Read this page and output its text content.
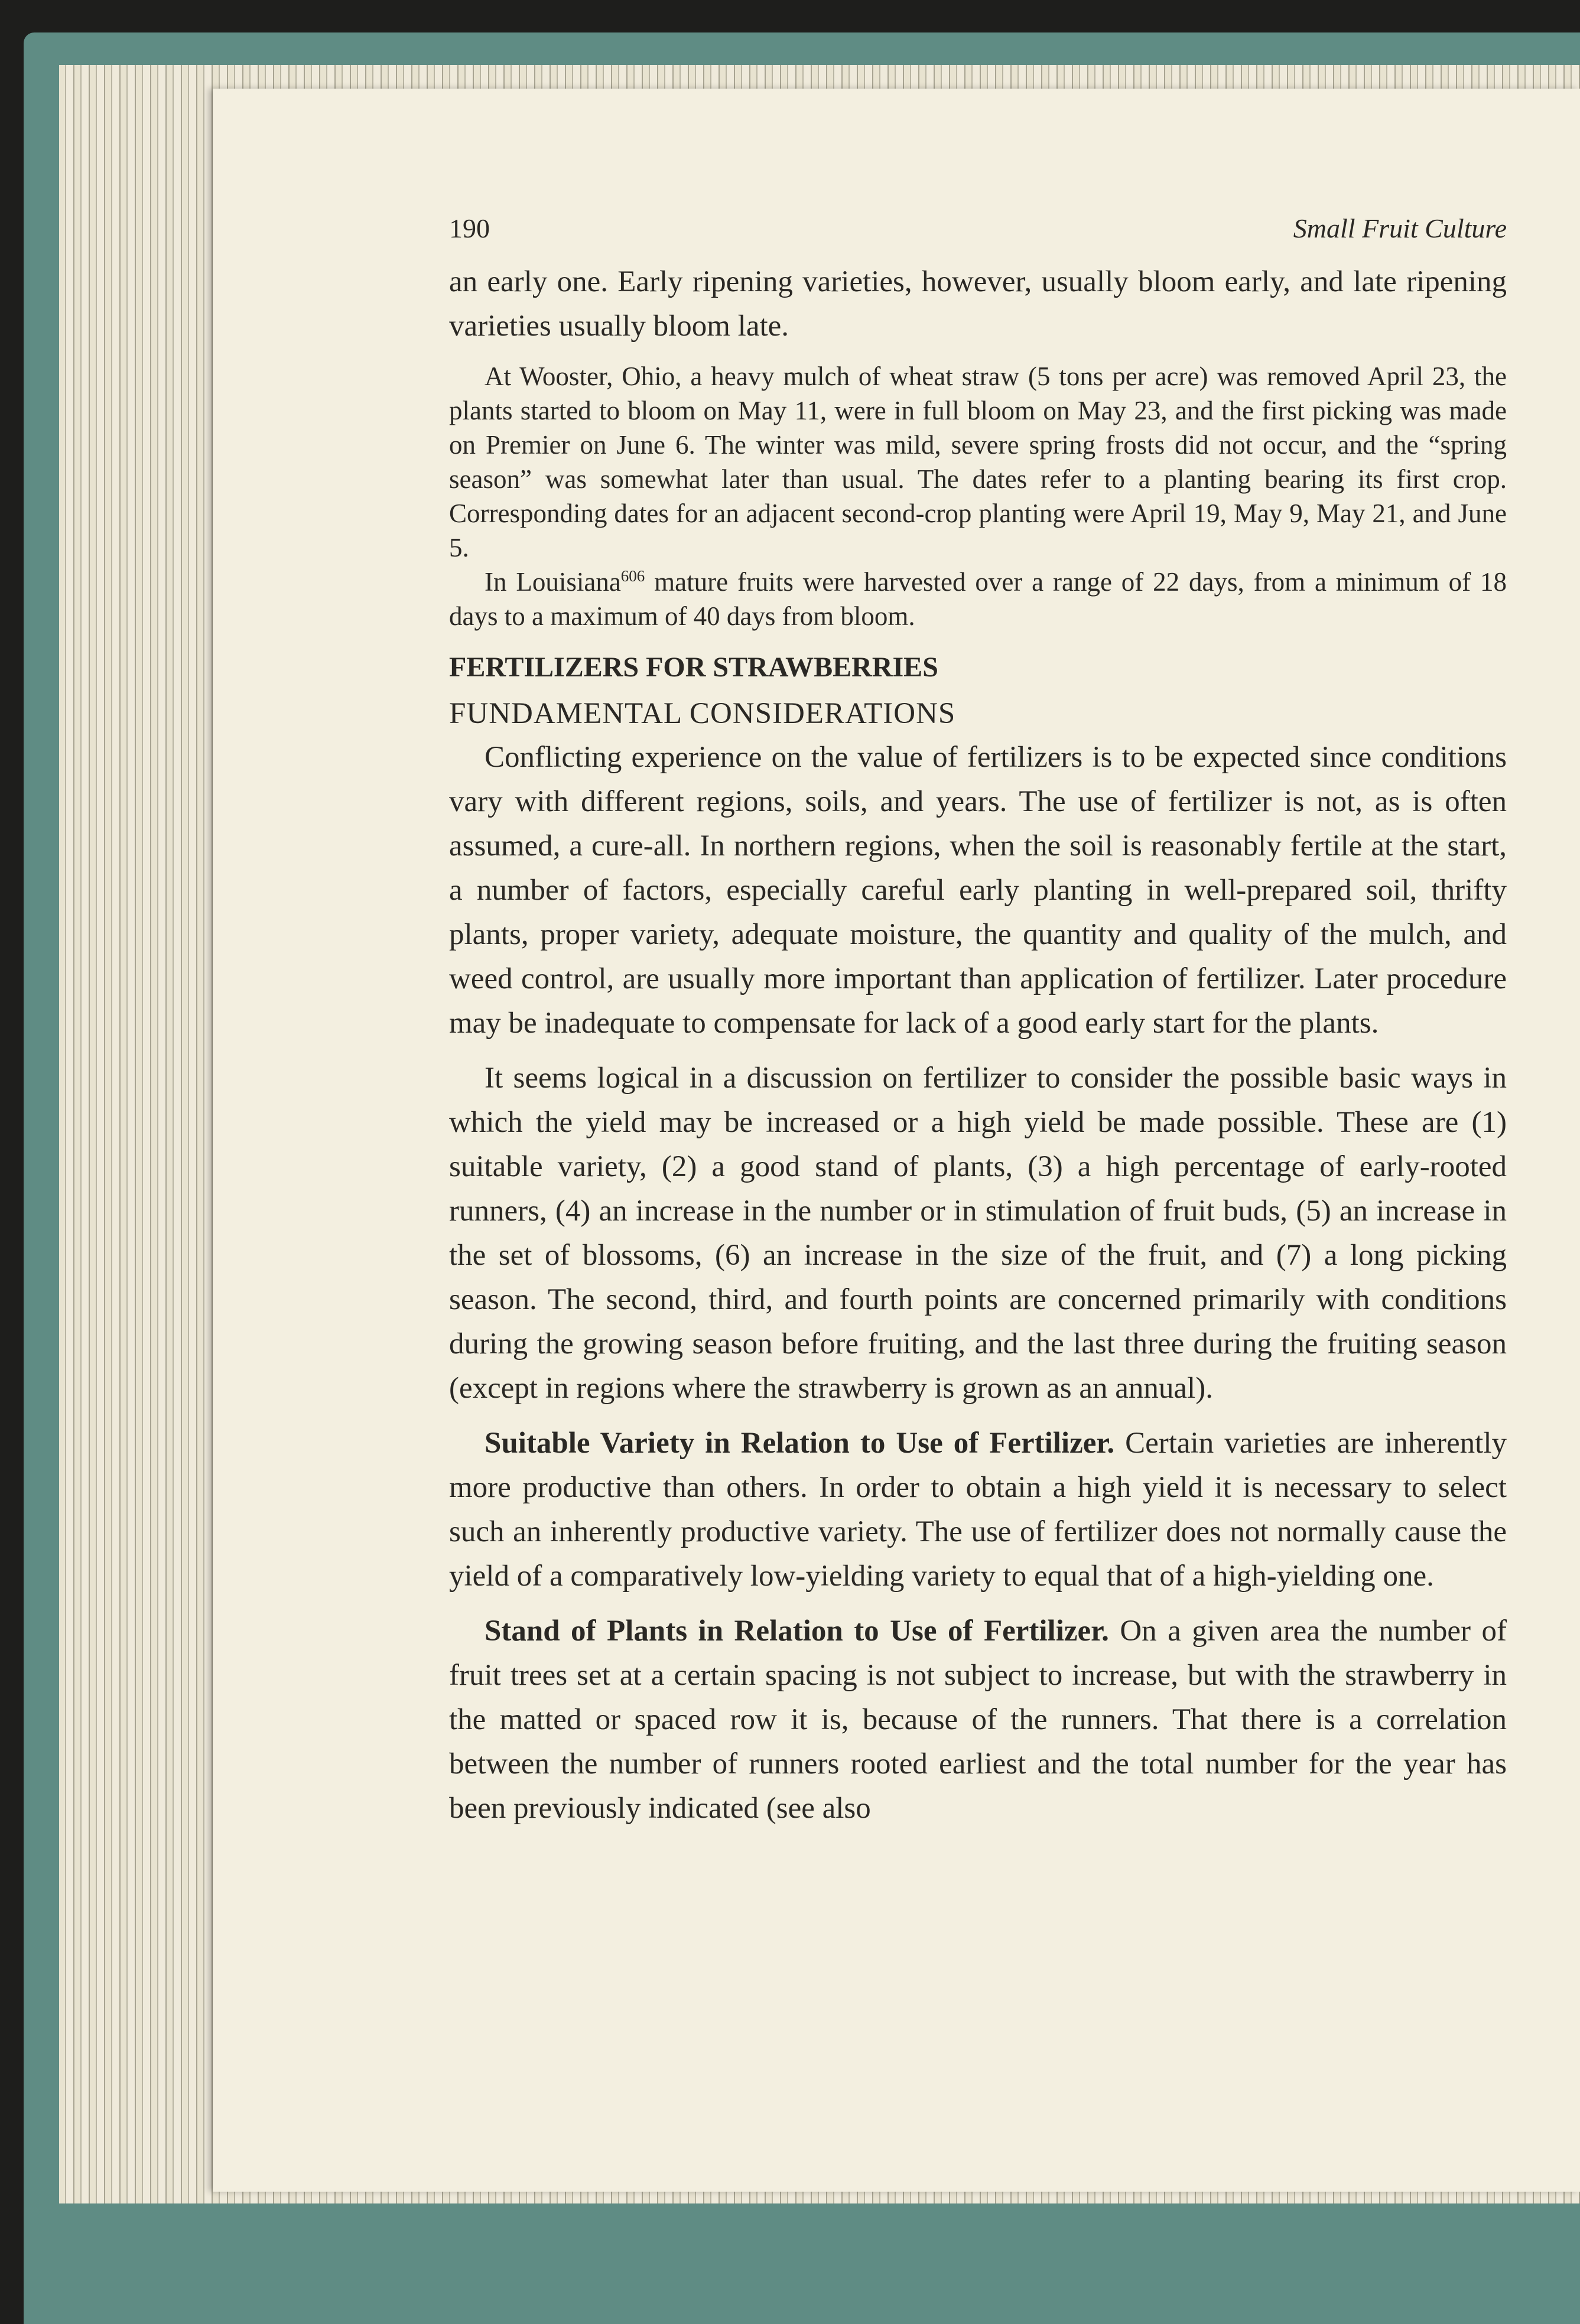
190	Small Fruit Culture

an early one. Early ripening varieties, however, usually bloom early, and late ripening varieties usually bloom late.

At Wooster, Ohio, a heavy mulch of wheat straw (5 tons per acre) was removed April 23, the plants started to bloom on May 11, were in full bloom on May 23, and the first picking was made on Premier on June 6. The winter was mild, severe spring frosts did not occur, and the “spring season” was somewhat later than usual. The dates refer to a planting bearing its first crop. Corresponding dates for an adjacent second-crop planting were April 19, May 9, May 21, and June 5.

In Louisiana$^{606}$ mature fruits were harvested over a range of 22 days, from a minimum of 18 days to a maximum of 40 days from bloom.

FERTILIZERS FOR STRAWBERRIES
FUNDAMENTAL CONSIDERATIONS

Conflicting experience on the value of fertilizers is to be expected since conditions vary with different regions, soils, and years. The use of fertilizer is not, as is often assumed, a cure-all. In northern regions, when the soil is reasonably fertile at the start, a number of factors, especially careful early planting in well-prepared soil, thrifty plants, proper variety, adequate moisture, the quantity and quality of the mulch, and weed control, are usually more important than application of fertilizer. Later procedure may be inadequate to compensate for lack of a good early start for the plants.

It seems logical in a discussion on fertilizer to consider the possible basic ways in which the yield may be increased or a high yield be made possible. These are (1) suitable variety, (2) a good stand of plants, (3) a high percentage of early-rooted runners, (4) an increase in the number or in stimulation of fruit buds, (5) an increase in the set of blossoms, (6) an increase in the size of the fruit, and (7) a long picking season. The second, third, and fourth points are concerned primarily with conditions during the growing season before fruiting, and the last three during the fruiting season (except in regions where the strawberry is grown as an annual).

Suitable Variety in Relation to Use of Fertilizer. Certain varieties are inherently more productive than others. In order to obtain a high yield it is necessary to select such an inherently productive variety. The use of fertilizer does not normally cause the yield of a comparatively low-yielding variety to equal that of a high-yielding one.

Stand of Plants in Relation to Use of Fertilizer. On a given area the number of fruit trees set at a certain spacing is not subject to increase, but with the strawberry in the matted or spaced row it is, because of the runners. That there is a correlation between the number of runners rooted earliest and the total number for the year has been previously indicated (see also
